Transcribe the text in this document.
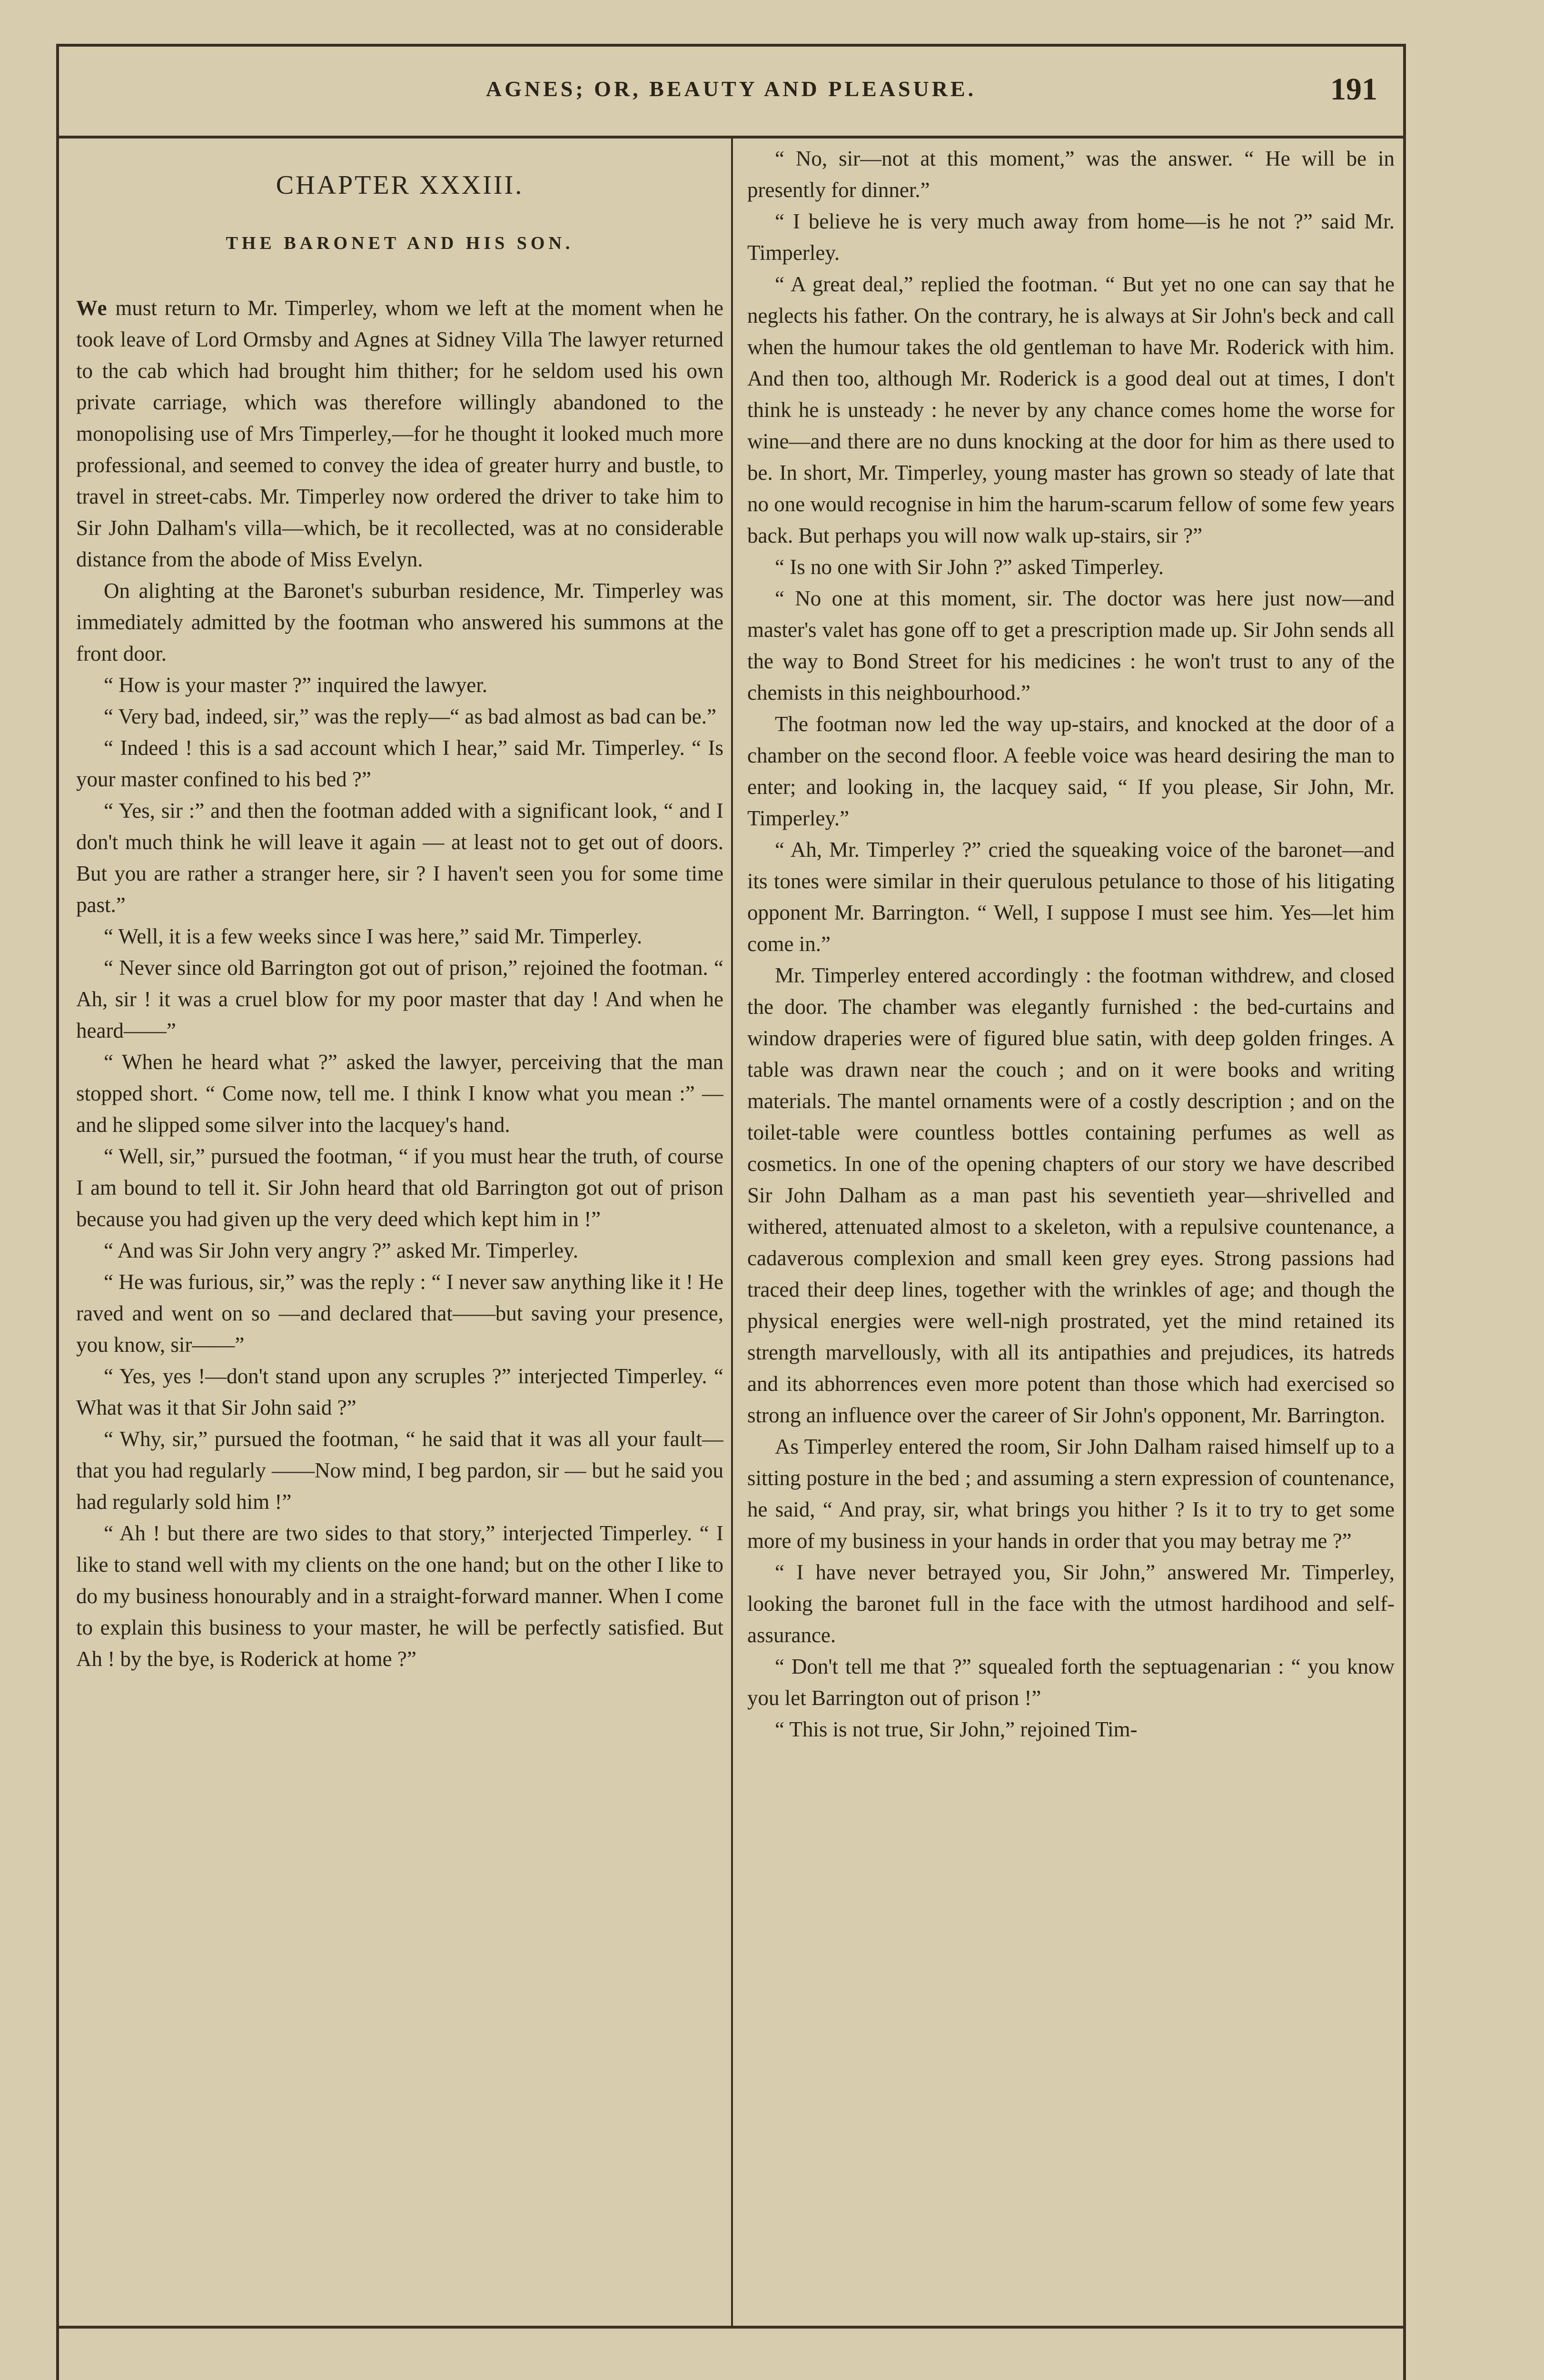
AGNES; OR, BEAUTY AND PLEASURE.	191
CHAPTER XXXIII.
THE BARONET AND HIS SON.

We must return to Mr. Timperley, whom we left at the moment when he took leave of Lord Ormsby and Agnes at Sidney Villa The lawyer returned to the cab which had brought him thither; for he seldom used his own private carriage, which was therefore willingly abandoned to the monopolising use of Mrs Timperley,—for he thought it looked much more professional, and seemed to convey the idea of greater hurry and bustle, to travel in street-cabs. Mr. Timperley now ordered the driver to take him to Sir John Dalham's villa—which, be it recollected, was at no considerable distance from the abode of Miss Evelyn.

On alighting at the Baronet's suburban residence, Mr. Timperley was immediately admitted by the footman who answered his summons at the front door.

“ How is your master ?” inquired the lawyer.

“ Very bad, indeed, sir,” was the reply—“ as bad almost as bad can be.”

“ Indeed ! this is a sad account which I hear,” said Mr. Timperley. “ Is your master confined to his bed ?”

“ Yes, sir :” and then the footman added with a significant look, “ and I don't much think he will leave it again — at least not to get out of doors. But you are rather a stranger here, sir ? I haven't seen you for some time past.”

“ Well, it is a few weeks since I was here,” said Mr. Timperley.

“ Never since old Barrington got out of prison,” rejoined the footman. “ Ah, sir ! it was a cruel blow for my poor master that day ! And when he heard——”

“ When he heard what ?” asked the lawyer, perceiving that the man stopped short. “ Come now, tell me. I think I know what you mean :” —and he slipped some silver into the lacquey's hand.

“ Well, sir,” pursued the footman, “ if you must hear the truth, of course I am bound to tell it. Sir John heard that old Barrington got out of prison because you had given up the very deed which kept him in !”

“ And was Sir John very angry ?” asked Mr. Timperley.

“ He was furious, sir,” was the reply : “ I never saw anything like it ! He raved and went on so —and declared that——but saving your presence, you know, sir——”

“ Yes, yes !—don't stand upon any scruples ?” interjected Timperley. “ What was it that Sir John said ?”

“ Why, sir,” pursued the footman, “ he said that it was all your fault—that you had regularly ——Now mind, I beg pardon, sir — but he said you had regularly sold him !”

“ Ah ! but there are two sides to that story,” interjected Timperley. “ I like to stand well with my clients on the one hand; but on the other I like to do my business honourably and in a straight-forward manner. When I come to explain this business to your master, he will be perfectly satisfied. But Ah ! by the bye, is Roderick at home ?”

“ No, sir—not at this moment,” was the answer. “ He will be in presently for dinner.”

“ I believe he is very much away from home—is he not ?” said Mr. Timperley.

“ A great deal,” replied the footman. “ But yet no one can say that he neglects his father. On the contrary, he is always at Sir John's beck and call when the humour takes the old gentleman to have Mr. Roderick with him. And then too, although Mr. Roderick is a good deal out at times, I don't think he is unsteady : he never by any chance comes home the worse for wine—and there are no duns knocking at the door for him as there used to be. In short, Mr. Timperley, young master has grown so steady of late that no one would recognise in him the harum-scarum fellow of some few years back. But perhaps you will now walk up-stairs, sir ?”

“ Is no one with Sir John ?” asked Timperley.

“ No one at this moment, sir. The doctor was here just now—and master's valet has gone off to get a prescription made up. Sir John sends all the way to Bond Street for his medicines : he won't trust to any of the chemists in this neighbourhood.”

The footman now led the way up-stairs, and knocked at the door of a chamber on the second floor. A feeble voice was heard desiring the man to enter; and looking in, the lacquey said, “ If you please, Sir John, Mr. Timperley.”

“ Ah, Mr. Timperley ?” cried the squeaking voice of the baronet—and its tones were similar in their querulous petulance to those of his litigating opponent Mr. Barrington. “ Well, I suppose I must see him. Yes—let him come in.”

Mr. Timperley entered accordingly : the footman withdrew, and closed the door. The chamber was elegantly furnished : the bed-curtains and window draperies were of figured blue satin, with deep golden fringes. A table was drawn near the couch ; and on it were books and writing materials. The mantel ornaments were of a costly description ; and on the toilet-table were countless bottles containing perfumes as well as cosmetics. In one of the opening chapters of our story we have described Sir John Dalham as a man past his seventieth year—shrivelled and withered, attenuated almost to a skeleton, with a repulsive countenance, a cadaverous complexion and small keen grey eyes. Strong passions had traced their deep lines, together with the wrinkles of age; and though the physical energies were well-nigh prostrated, yet the mind retained its strength marvellously, with all its antipathies and prejudices, its hatreds and its abhorrences even more potent than those which had exercised so strong an influence over the career of Sir John's opponent, Mr. Barrington.

As Timperley entered the room, Sir John Dalham raised himself up to a sitting posture in the bed ; and assuming a stern expression of countenance, he said, “ And pray, sir, what brings you hither ? Is it to try to get some more of my business in your hands in order that you may betray me ?”

“ I have never betrayed you, Sir John,” answered Mr. Timperley, looking the baronet full in the face with the utmost hardihood and self-assurance.

“ Don't tell me that ?” squealed forth the septuagenarian : “ you know you let Barrington out of prison !”

“ This is not true, Sir John,” rejoined Tim-
